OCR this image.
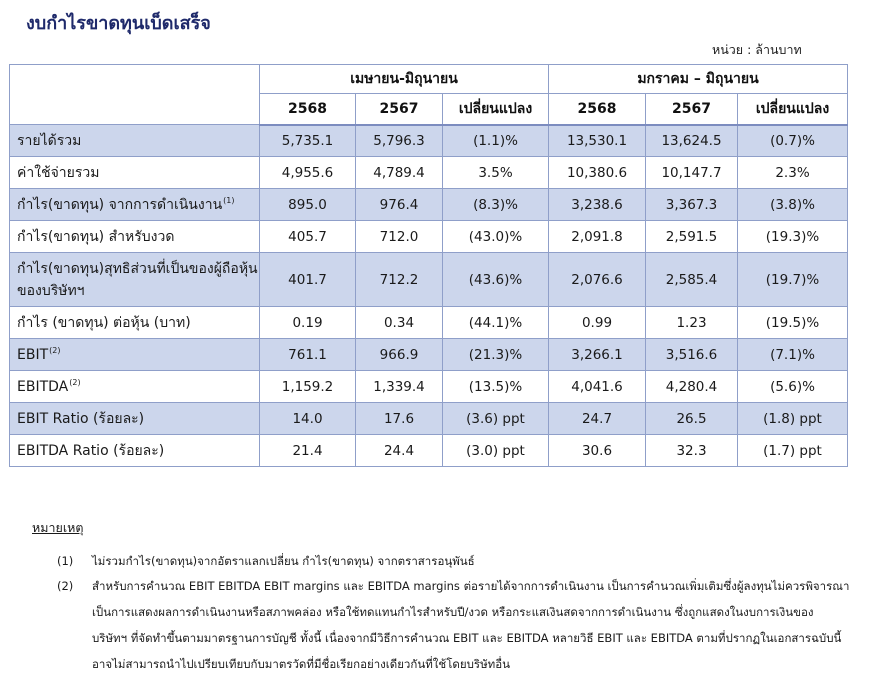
งบกำไรขาดทุนเบ็ดเสร็จ
หน่วย : ล้านบาท
	เมษายน-มิถุนายน			มกราคม – มิถุนายน		
	2568	2567	เปลี่ยนแปลง	2568	2567	เปลี่ยนแปลง
รายได้รวม	5,735.1	5,796.3	(1.1)%	13,530.1	13,624.5	(0.7)%
ค่าใช้จ่ายรวม	4,955.6	4,789.4	3.5%	10,380.6	10,147.7	2.3%
กำไร(ขาดทุน) จากการดำเนินงาน$^{(1)}$	895.0	976.4	(8.3)%	3,238.6	3,367.3	(3.8)%
กำไร(ขาดทุน) สำหรับงวด	405.7	712.0	(43.0)%	2,091.8	2,591.5	(19.3)%
กำไร(ขาดทุน)สุทธิส่วนที่เป็นของผู้ถือหุ้นของบริษัทฯ	401.7	712.2	(43.6)%	2,076.6	2,585.4	(19.7)%
กำไร (ขาดทุน) ต่อหุ้น (บาท)	0.19	0.34	(44.1)%	0.99	1.23	(19.5)%
EBIT$^{(2)}$	761.1	966.9	(21.3)%	3,266.1	3,516.6	(7.1)%
EBITDA$^{(2)}$	1,159.2	1,339.4	(13.5)%	4,041.6	4,280.4	(5.6)%
EBIT Ratio (ร้อยละ)	14.0	17.6	(3.6) ppt	24.7	26.5	(1.8) ppt
EBITDA Ratio (ร้อยละ)	21.4	24.4	(3.0) ppt	30.6	32.3	(1.7) ppt
หมายเหตุ
(1)	ไม่รวมกำไร(ขาดทุน)จากอัตราแลกเปลี่ยน กำไร(ขาดทุน) จากตราสารอนุพันธ์
(2)	สำหรับการคำนวณ EBIT EBITDA EBIT margins และ EBITDA margins ต่อรายได้จากการดำเนินงาน เป็นการคำนวณเพิ่มเติมซึ่งผู้ลงทุนไม่ควรพิจารณาเป็นการแสดงผลการดำเนินงานหรือสภาพคล่อง หรือใช้ทดแทนกำไรสำหรับปี/งวด หรือกระแสเงินสดจากการดำเนินงาน ซึ่งถูกแสดงในงบการเงินของ บริษัทฯ ที่จัดทำขึ้นตามมาตรฐานการบัญชี ทั้งนี้ เนื่องจากมีวิธีการคำนวณ EBIT และ EBITDA หลายวิธี EBIT และ EBITDA ตามที่ปรากฏในเอกสารฉบับนี้ อาจไม่สามารถนำไปเปรียบเทียบกับมาตรวัดที่มีชื่อเรียกอย่างเดียวกันที่ใช้โดยบริษัทอื่น
